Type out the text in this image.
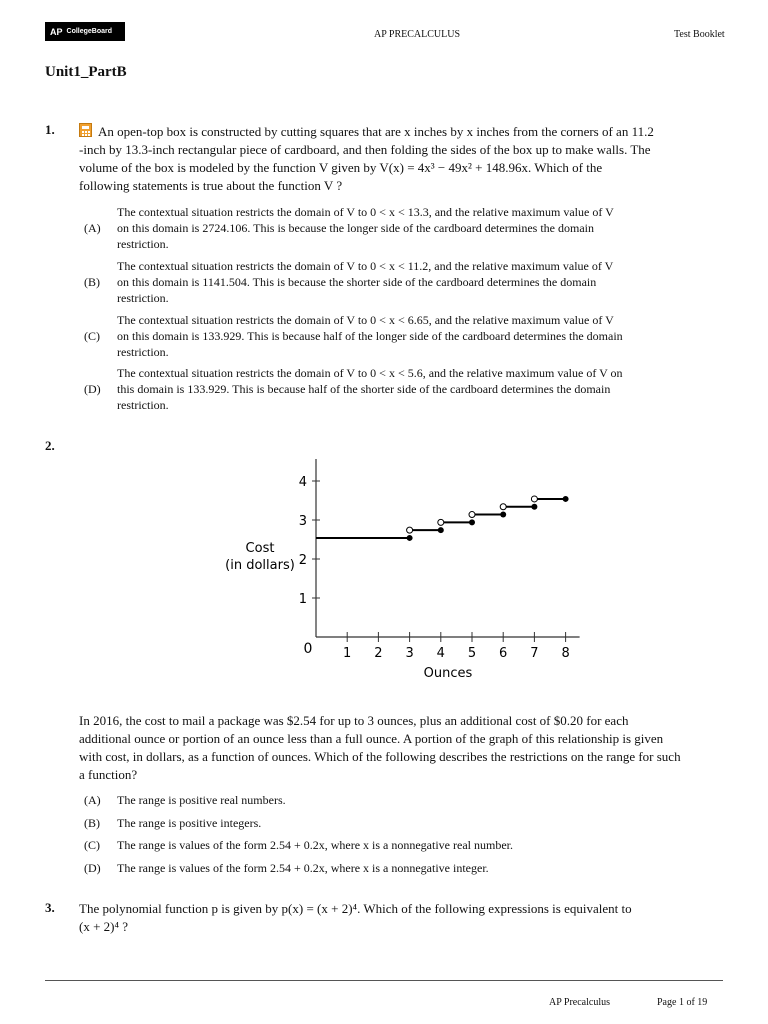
AP CollegeBoard	AP PRECALCULUS	Test Booklet
Unit1_PartB
1.	An open-top box is constructed by cutting squares that are x inches by x inches from the corners of an 11.2
-inch by 13.3-inch rectangular piece of cardboard, and then folding the sides of the box up to make walls. The
volume of the box is modeled by the function V given by V(x) = 4x³ − 49x² + 148.96x. Which of the
following statements is true about the function V ?
(A)
The contextual situation restricts the domain of V to 0 < x < 13.3, and the relative maximum value of V
on this domain is 2724.106. This is because the longer side of the cardboard determines the domain
restriction.
(B)
The contextual situation restricts the domain of V to 0 < x < 11.2, and the relative maximum value of V
on this domain is 1141.504. This is because the shorter side of the cardboard determines the domain
restriction.
(C)
The contextual situation restricts the domain of V to 0 < x < 6.65, and the relative maximum value of V
on this domain is 133.929. This is because half of the longer side of the cardboard determines the domain
restriction.
(D)
The contextual situation restricts the domain of V to 0 < x < 5.6, and the relative maximum value of V on
this domain is 133.929. This is because half of the shorter side of the cardboard determines the domain
restriction.
2.
1 2 3 4 5 6 7 8
1
2
3
4
Cost
(in dollars)
Ounces
0
In 2016, the cost to mail a package was $2.54 for up to 3 ounces, plus an additional cost of $0.20 for each
additional ounce or portion of an ounce less than a full ounce. A portion of the graph of this relationship is given
with cost, in dollars, as a function of ounces. Which of the following describes the restrictions on the range for such
a function?
(A) The range is positive real numbers.
(B) The range is positive integers.
(C) The range is values of the form 2.54 + 0.2x, where x is a nonnegative real number.
(D) The range is values of the form 2.54 + 0.2x, where x is a nonnegative integer.
3. The polynomial function p is given by p(x) = (x + 2)⁴. Which of the following expressions is equivalent to
(x + 2)⁴ ?
AP Precalculus	Page 1 of 19
